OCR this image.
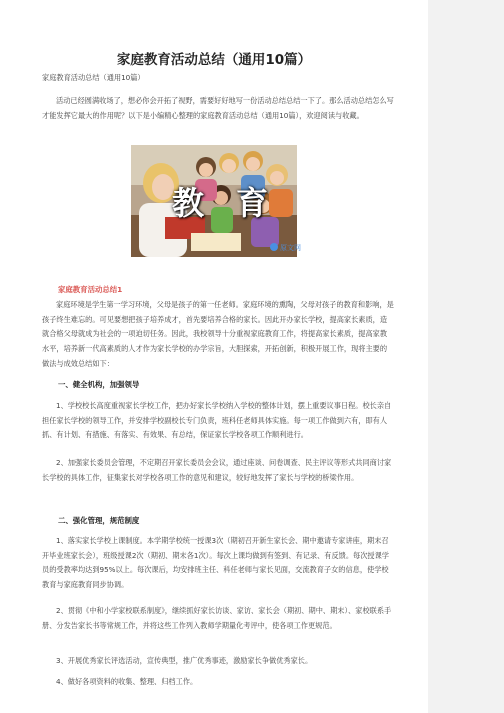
家庭教育活动总结（通用10篇）
家庭教育活动总结（通用10篇）
活动已经圆满收场了，想必你会开拓了视野，需要好好地写一份活动总结总结一下了。那么活动总结怎么写才能发挥它最大的作用呢？以下是小编精心整理的家庭教育活动总结（通用10篇），欢迎阅读与收藏。
原文网
教 育
家庭教育活动总结1
家庭环境是学生第一学习环境，父母是孩子的第一任老师。家庭环境的熏陶，父母对孩子的教育和影响，是孩子终生难忘的。可见要想把孩子培养成才，首先要培养合格的家长。因此开办家长学校，提高家长素质，造就合格父母就成为社会的一项迫切任务。因此，我校领导十分重视家庭教育工作，将提高家长素质，提高家教水平，培养新一代高素质的人才作为家长学校的办学宗旨，大胆探索，开拓创新，积极开展工作，现将主要的做法与成效总结如下：
一、健全机构，加强领导
1、学校校长高度重视家长学校工作，把办好家长学校纳入学校的整体计划，摆上重要议事日程。校长亲自担任家长学校的领导工作，并安排学校副校长专门负责，班科任老师具体实施。每一项工作做到六有，即有人抓、有计划、有措施、有落实、有效果、有总结，保证家长学校各项工作顺利进行。
2、加强家长委员会管理，不定期召开家长委员会会议，通过座谈、问卷调查、民主评议等形式共同商讨家长学校的具体工作，征集家长对学校各项工作的意见和建议，较好地发挥了家长与学校的桥梁作用。
二、强化管理，规范制度
1、落实家长学校上课制度。本学期学校统一授课3次（期初召开新生家长会、期中邀请专家讲座，期末召开毕业班家长会），班级授课2次（期初、期末各1次）。每次上课均做到有签到、有记录、有反馈。每次授课学员的受教率均达到95%以上。每次课后，均安排班主任、科任老师与家长见面，交流教育子女的信息，使学校教育与家庭教育同步协调。
2、贯彻《中和小学家校联系制度》，继续抓好家长访谈、家访、家长会（期初、期中、期末）、家校联系手册、分发告家长书等常规工作，并将这些工作列入教师学期量化考评中，使各项工作更规范。
3、开展优秀家长评选活动，宣传典型，推广优秀事迹，激励家长争做优秀家长。
4、做好各项资料的收集、整理、归档工作。
